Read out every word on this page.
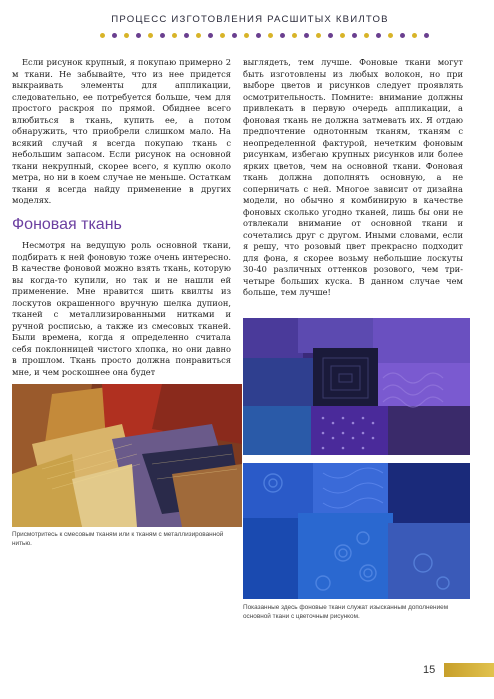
ПРОЦЕСС ИЗГОТОВЛЕНИЯ РАСШИТЫХ КВИЛТОВ

Если рисунок крупный, я покупаю примерно 2 м ткани. Не забывайте, что из нее придется выкраивать элементы для аппликации, следовательно, ее потребуется больше, чем для простого раскроя по прямой. Обиднее всего влюбиться в ткань, купить ее, а потом обнаружить, что приобрели слишком мало. На всякий случай я всегда покупаю ткань с небольшим запасом. Если рисунок на основной ткани некрупный, скорее всего, я куплю около метра, но ни в коем случае не меньше. Остаткам ткани я всегда найду применение в других моделях.

Фоновая ткань

Несмотря на ведущую роль основной ткани, подбирать к ней фоновую тоже очень интересно. В качестве фоновой можно взять ткань, которую вы когда-то купили, но так и не нашли ей применение. Мне нравится шить квилты из лоскутов окрашенного вручную шелка дупион, тканей с металлизированными нитками и ручной росписью, а также из смесовых тканей. Были времена, когда я определенно считала себя поклонницей чистого хлопка, но они давно в прошлом. Ткань просто должна понравиться мне, и чем роскошнее она будет

выглядеть, тем лучше. Фоновые ткани могут быть изготовлены из любых волокон, но при выборе цветов и рисунков следует проявлять осмотрительность. Помните: внимание должны привлекать в первую очередь аппликации, а фоновая ткань не должна затмевать их. Я отдаю предпочтение однотонным тканям, тканям с неопределенной фактурой, нечетким фоновым рисункам, избегаю крупных рисунков или более ярких цветов, чем на основной ткани. Фоновая ткань должна дополнять основную, а не соперничать с ней. Многое зависит от дизайна модели, но обычно я комбинирую в качестве фоновых сколько угодно тканей, лишь бы они не отвлекали внимание от основной ткани и сочетались друг с другом. Иными словами, если я решу, что розовый цвет прекрасно подходит для фона, я скорее возьму небольшие лоскуты 30-40 различных оттенков розового, чем три-четыре больших куска. В данном случае чем больше, тем лучше!

Присмотритесь к смесовым тканям или к тканям с металлизированной нитью.
Показанные здесь фоновые ткани служат изысканным дополнением основной ткани с цветочным рисунком.
15
